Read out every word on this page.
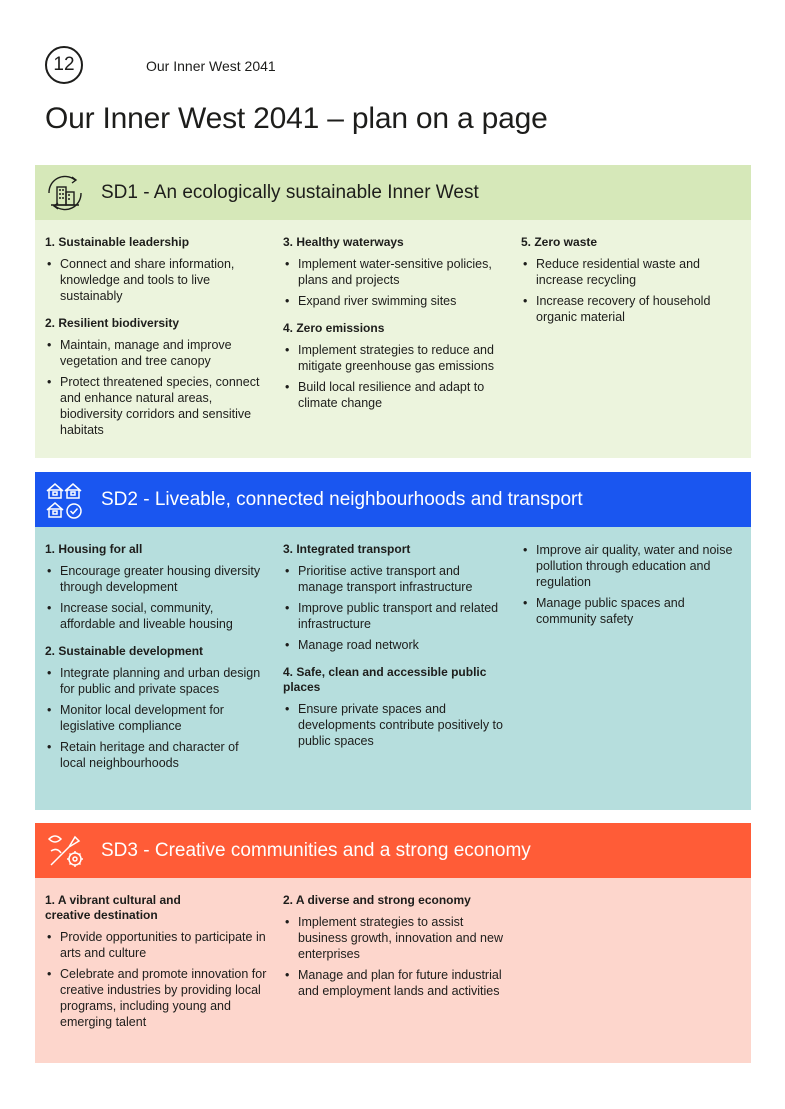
12	Our Inner West 2041
Our Inner West 2041 – plan on a page
SD1 - An ecologically sustainable Inner West
1. Sustainable leadership
• Connect and share information, knowledge and tools to live sustainably
2. Resilient biodiversity
• Maintain, manage and improve vegetation and tree canopy
• Protect threatened species, connect and enhance natural areas, biodiversity corridors and sensitive habitats
3. Healthy waterways
• Implement water-sensitive policies, plans and projects
• Expand river swimming sites
4. Zero emissions
• Implement strategies to reduce and mitigate greenhouse gas emissions
• Build local resilience and adapt to climate change
5. Zero waste
• Reduce residential waste and increase recycling
• Increase recovery of household organic material
SD2 - Liveable, connected neighbourhoods and transport
1. Housing for all
• Encourage greater housing diversity through development
• Increase social, community, affordable and liveable housing
2. Sustainable development
• Integrate planning and urban design for public and private spaces
• Monitor local development for legislative compliance
• Retain heritage and character of local neighbourhoods
3. Integrated transport
• Prioritise active transport and manage transport infrastructure
• Improve public transport and related infrastructure
• Manage road network
4. Safe, clean and accessible public places
• Ensure private spaces and developments contribute positively to public spaces
• Improve air quality, water and noise pollution through education and regulation
• Manage public spaces and community safety
SD3 - Creative communities and a strong economy
1. A vibrant cultural and creative destination
• Provide opportunities to participate in arts and culture
• Celebrate and promote innovation for creative industries by providing local programs, including young and emerging talent
2. A diverse and strong economy
• Implement strategies to assist business growth, innovation and new enterprises
• Manage and plan for future industrial and employment lands and activities
